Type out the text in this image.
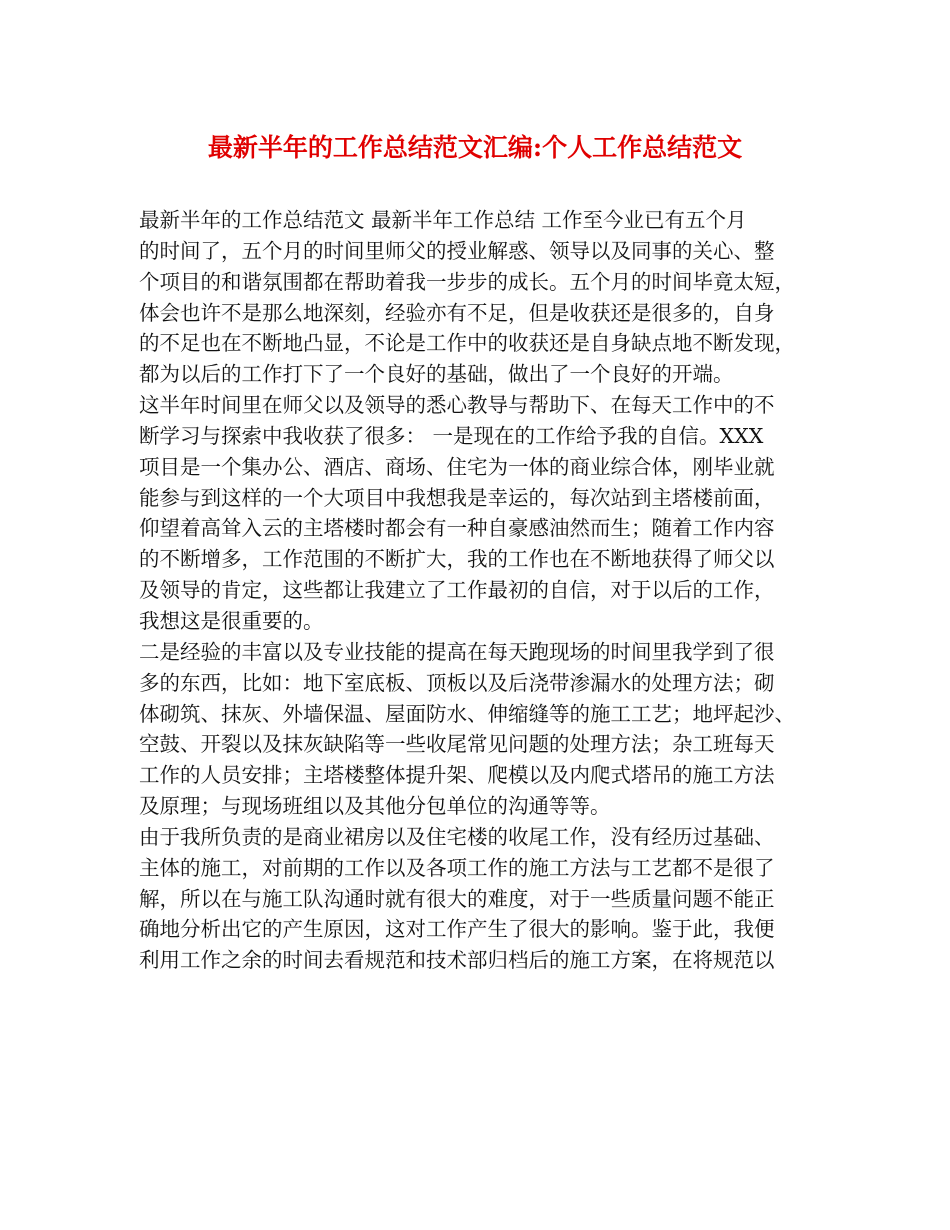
最新半年的工作总结范文汇编:个人工作总结范文
最新半年的工作总结范文 最新半年工作总结 工作至今业已有五个月
的时间了，五个月的时间里师父的授业解惑、领导以及同事的关心、整
个项目的和谐氛围都在帮助着我一步步的成长。五个月的时间毕竟太短，
体会也许不是那么地深刻，经验亦有不足，但是收获还是很多的，自身
的不足也在不断地凸显，不论是工作中的收获还是自身缺点地不断发现，
都为以后的工作打下了一个良好的基础，做出了一个良好的开端。
这半年时间里在师父以及领导的悉心教导与帮助下、在每天工作中的不
断学习与探索中我收获了很多： 一是现在的工作给予我的自信。XXX
项目是一个集办公、酒店、商场、住宅为一体的商业综合体，刚毕业就
能参与到这样的一个大项目中我想我是幸运的，每次站到主塔楼前面，
仰望着高耸入云的主塔楼时都会有一种自豪感油然而生；随着工作内容
的不断增多，工作范围的不断扩大，我的工作也在不断地获得了师父以
及领导的肯定，这些都让我建立了工作最初的自信，对于以后的工作，
我想这是很重要的。
二是经验的丰富以及专业技能的提高在每天跑现场的时间里我学到了很
多的东西，比如：地下室底板、顶板以及后浇带渗漏水的处理方法；砌
体砌筑、抹灰、外墙保温、屋面防水、伸缩缝等的施工工艺；地坪起沙、
空鼓、开裂以及抹灰缺陷等一些收尾常见问题的处理方法；杂工班每天
工作的人员安排；主塔楼整体提升架、爬模以及内爬式塔吊的施工方法
及原理；与现场班组以及其他分包单位的沟通等等。
由于我所负责的是商业裙房以及住宅楼的收尾工作，没有经历过基础、
主体的施工，对前期的工作以及各项工作的施工方法与工艺都不是很了
解，所以在与施工队沟通时就有很大的难度，对于一些质量问题不能正
确地分析出它的产生原因，这对工作产生了很大的影响。鉴于此，我便
利用工作之余的时间去看规范和技术部归档后的施工方案，在将规范以
